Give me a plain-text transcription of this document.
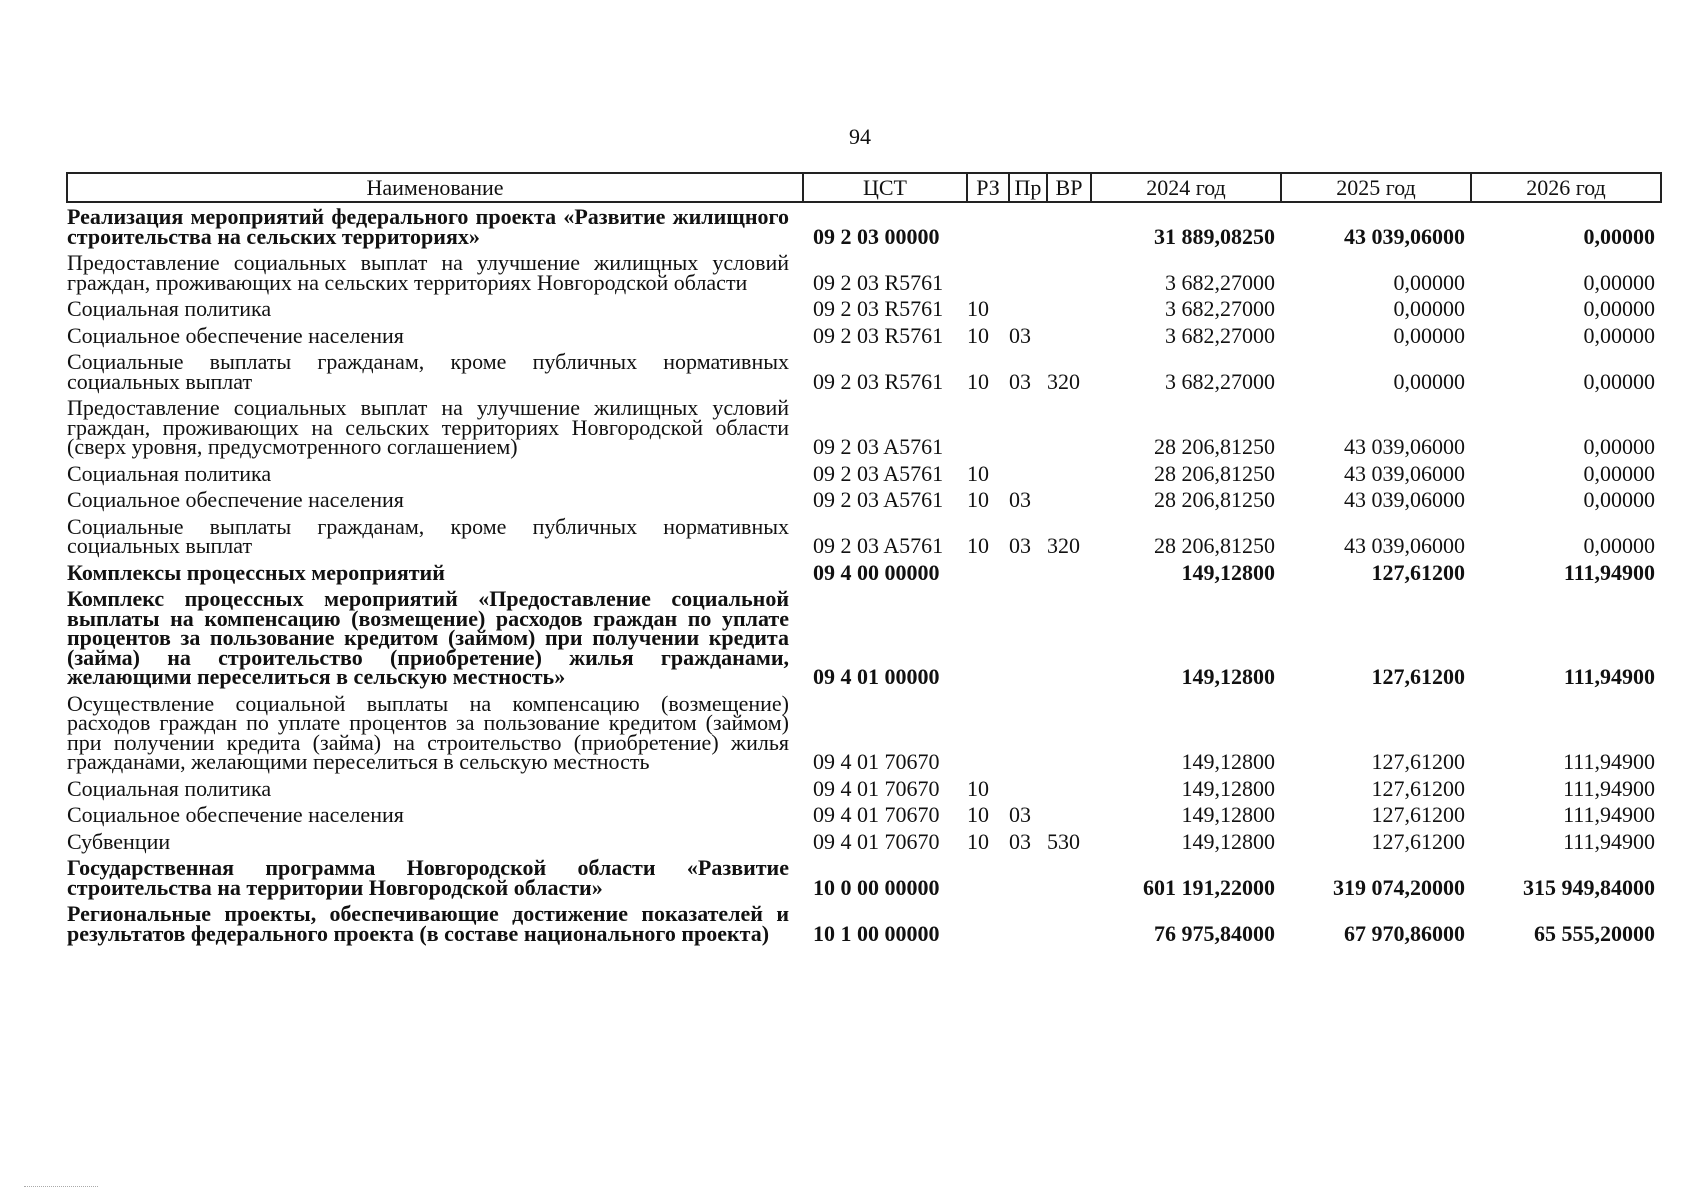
94
Наименование	ЦСТ	РЗ	Пр	ВР	2024 год	2025 год	2026 год
Реализация мероприятий федерального проекта «Развитие жилищного строительства на сельских территориях»	09 2 03 00000				31 889,08250	43 039,06000	0,00000
Предоставление социальных выплат на улучшение жилищных условий граждан, проживающих на сельских территориях Новгородской области	09 2 03 R5761				3 682,27000	0,00000	0,00000
Социальная политика	09 2 03 R5761	10			3 682,27000	0,00000	0,00000
Социальное обеспечение населения	09 2 03 R5761	10	03		3 682,27000	0,00000	0,00000
Социальные выплаты гражданам, кроме публичных нормативных социальных выплат	09 2 03 R5761	10	03	320	3 682,27000	0,00000	0,00000
Предоставление социальных выплат на улучшение жилищных условий граждан, проживающих на сельских территориях Новгородской области (сверх уровня, предусмотренного соглашением)	09 2 03 A5761				28 206,81250	43 039,06000	0,00000
Социальная политика	09 2 03 A5761	10			28 206,81250	43 039,06000	0,00000
Социальное обеспечение населения	09 2 03 A5761	10	03		28 206,81250	43 039,06000	0,00000
Социальные выплаты гражданам, кроме публичных нормативных социальных выплат	09 2 03 A5761	10	03	320	28 206,81250	43 039,06000	0,00000
Комплексы процессных мероприятий	09 4 00 00000				149,12800	127,61200	111,94900
Комплекс процессных мероприятий «Предоставление социальной выплаты на компенсацию (возмещение) расходов граждан по уплате процентов за пользование кредитом (займом) при получении кредита (займа) на строительство (приобретение) жилья гражданами, желающими переселиться в сельскую местность»	09 4 01 00000				149,12800	127,61200	111,94900
Осуществление социальной выплаты на компенсацию (возмещение) расходов граждан по уплате процентов за пользование кредитом (займом) при получении кредита (займа) на строительство (приобретение) жилья гражданами, желающими переселиться в сельскую местность	09 4 01 70670				149,12800	127,61200	111,94900
Социальная политика	09 4 01 70670	10			149,12800	127,61200	111,94900
Социальное обеспечение населения	09 4 01 70670	10	03		149,12800	127,61200	111,94900
Субвенции	09 4 01 70670	10	03	530	149,12800	127,61200	111,94900
Государственная программа Новгородской области «Развитие строительства на территории Новгородской области»	10 0 00 00000				601 191,22000	319 074,20000	315 949,84000
Региональные проекты, обеспечивающие достижение показателей и результатов федерального проекта (в составе национального проекта)	10 1 00 00000				76 975,84000	67 970,86000	65 555,20000
